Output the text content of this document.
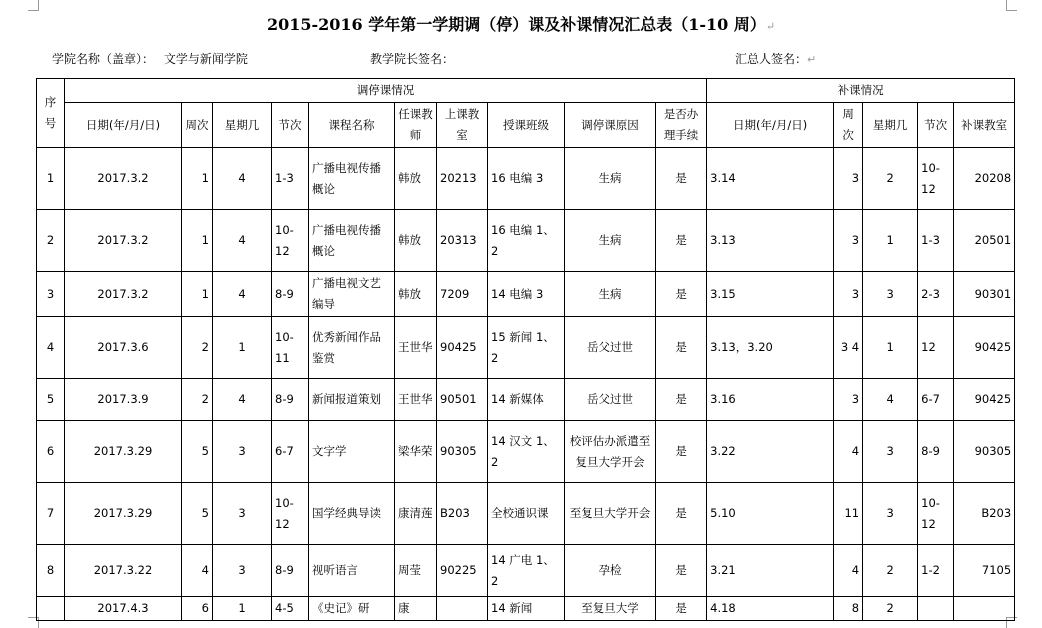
2015-2016 学年第一学期调（停）课及补课情况汇总表（1-10 周）↵
学院名称（盖章）： 文学与新闻学院	教学院长签名：	汇总人签名：↵
序号	调停课情况										补课情况				
	日期(年/月/日)	周次	星期几	节次	课程名称	任课教师	上课教室	授课班级	调停课原因	是否办理手续	日期(年/月/日)	周次	星期几	节次	补课教室
1	2017.3.2	1	4	1-3	广播电视传播概论	韩放	20213	16 电编 3	生病	是	3.14	3	2	10-12	20208
2	2017.3.2	1	4	10-12	广播电视传播概论	韩放	20313	16 电编 1、2	生病	是	3.13	3	1	1-3	20501
3	2017.3.2	1	4	8-9	广播电视文艺编导	韩放	7209	14 电编 3	生病	是	3.15	3	3	2-3	90301
4	2017.3.6	2	1	10-11	优秀新闻作品鉴赏	王世华	90425	15 新闻 1、2	岳父过世	是	3.13，3.20	3 4	1	12	90425
5	2017.3.9	2	4	8-9	新闻报道策划	王世华	90501	14 新媒体	岳父过世	是	3.16	3	4	6-7	90425
6	2017.3.29	5	3	6-7	文字学	梁华荣	90305	14 汉文 1、2	校评估办派遣至复旦大学开会	是	3.22	4	3	8-9	90305
7	2017.3.29	5	3	10-12	国学经典导读	康清莲	B203	全校通识课	至复旦大学开会	是	5.10	11	3	10-12	B203
8	2017.3.22	4	3	8-9	视听语言	周莹	90225	14 广电 1、2	孕检	是	3.21	4	2	1-2	7105
	2017.4.3	6	1	4-5	《史记》研	康		14 新闻	至复旦大学	是	4.18	8	2		
